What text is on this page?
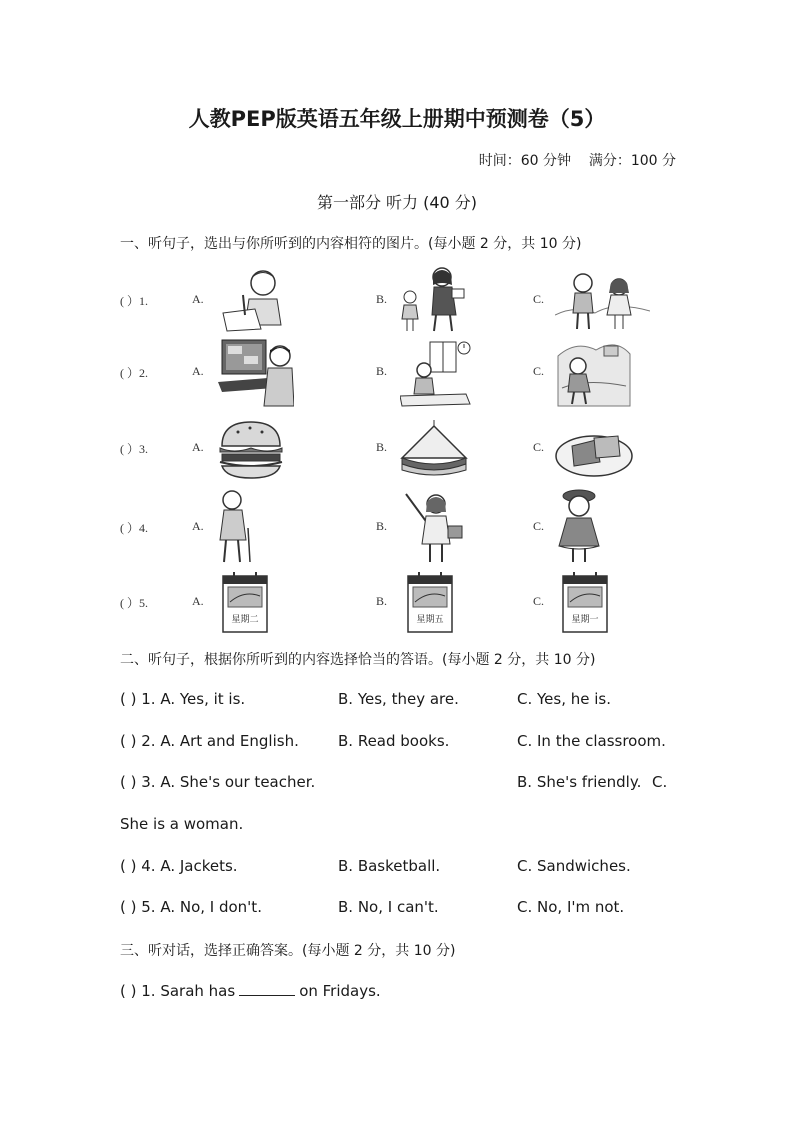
人教PEP版英语五年级上册期中预测卷（5）
时间：60 分钟 满分：100 分
第一部分 听力 (40 分)
一、听句子，选出与你所听到的内容相符的图片。(每小题 2 分，共 10 分)
( ）1.	A.	B.	C.
( ）2.	A.	B.	C.
( ）3.	A.	B.	C.
( ）4.	A.	B.	C.
( ）5.	A.	B.	C.
星期二	星期五	星期一
二、听句子，根据你所听到的内容选择恰当的答语。(每小题 2 分，共 10 分)
( ) 1. A. Yes, it is.	B. Yes, they are.	C. Yes, he is.
( ) 2. A. Art and English.	B. Read books.	C. In the classroom.
( ) 3. A. She's our teacher.	B. She's friendly. C.
She is a woman.
( ) 4. A. Jackets.	B. Basketball.	C. Sandwiches.
( ) 5. A. No, I don't.	B. No, I can't.	C. No, I'm not.
三、听对话，选择正确答案。(每小题 2 分，共 10 分)
( ) 1. Sarah has	on Fridays.
